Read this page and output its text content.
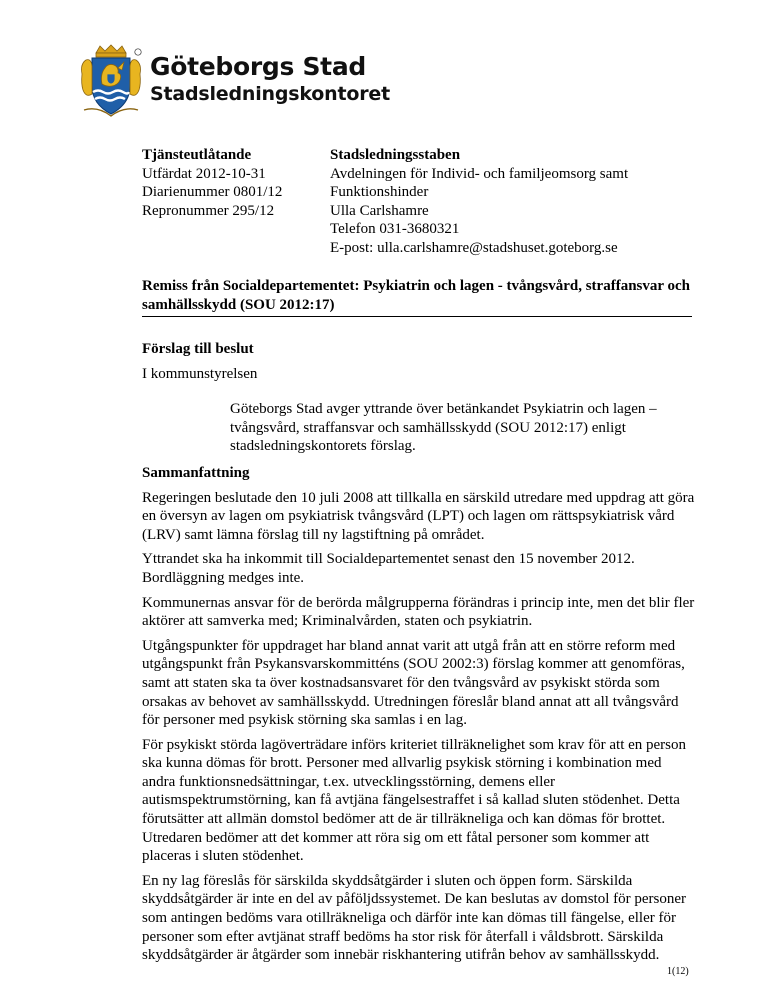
Göteborgs Stad
Stadsledningskontoret
Tjänsteutlåtande
Utfärdat 2012-10-31
Diarienummer 0801/12
Repronummer 295/12
Stadsledningsstaben
Avdelningen för Individ- och familjeomsorg samt
Funktionshinder
Ulla Carlshamre
Telefon 031-3680321
E-post: ulla.carlshamre@stadshuset.goteborg.se
Remiss från Socialdepartementet: Psykiatrin och lagen - tvångsvård, straffansvar och samhällsskydd (SOU 2012:17)

Förslag till beslut

I kommunstyrelsen

Göteborgs Stad avger yttrande över betänkandet Psykiatrin och lagen – tvångsvård, straffansvar och samhällsskydd (SOU 2012:17) enligt stadsledningskontorets förslag.

Sammanfattning

Regeringen beslutade den 10 juli 2008 att tillkalla en särskild utredare med uppdrag att göra en översyn av lagen om psykiatrisk tvångsvård (LPT) och lagen om rättspsykiatrisk vård (LRV) samt lämna förslag till ny lagstiftning på området.

Yttrandet ska ha inkommit till Socialdepartementet senast den 15 november 2012. Bordläggning medges inte.

Kommunernas ansvar för de berörda målgrupperna förändras i princip inte, men det blir fler aktörer att samverka med; Kriminalvården, staten och psykiatrin.

Utgångspunkter för uppdraget har bland annat varit att utgå från att en större reform med utgångspunkt från Psykansvarskommitténs (SOU 2002:3) förslag kommer att genomföras, samt att staten ska ta över kostnadsansvaret för den tvångsvård av psykiskt störda som orsakas av behovet av samhällsskydd. Utredningen föreslår bland annat att all tvångsvård för personer med psykisk störning ska samlas i en lag.

För psykiskt störda lagöverträdare införs kriteriet tillräknelighet som krav för att en person ska kunna dömas för brott. Personer med allvarlig psykisk störning i kombination med andra funktionsnedsättningar, t.ex. utvecklingsstörning, demens eller autismspektrumstörning, kan få avtjäna fängelsestraffet i så kallad sluten stödenhet. Detta förutsätter att allmän domstol bedömer att de är tillräkneliga och kan dömas för brottet. Utredaren bedömer att det kommer att röra sig om ett fåtal personer som kommer att placeras i sluten stödenhet.

En ny lag föreslås för särskilda skyddsåtgärder i sluten och öppen form. Särskilda skyddsåtgärder är inte en del av påföljdssystemet. De kan beslutas av domstol för personer som antingen bedöms vara otillräkneliga och därför inte kan dömas till fängelse, eller för personer som efter avtjänat straff bedöms ha stor risk för återfall i våldsbrott. Särskilda skyddsåtgärder är åtgärder som innebär riskhantering utifrån behov av samhällsskydd.

1(12)
